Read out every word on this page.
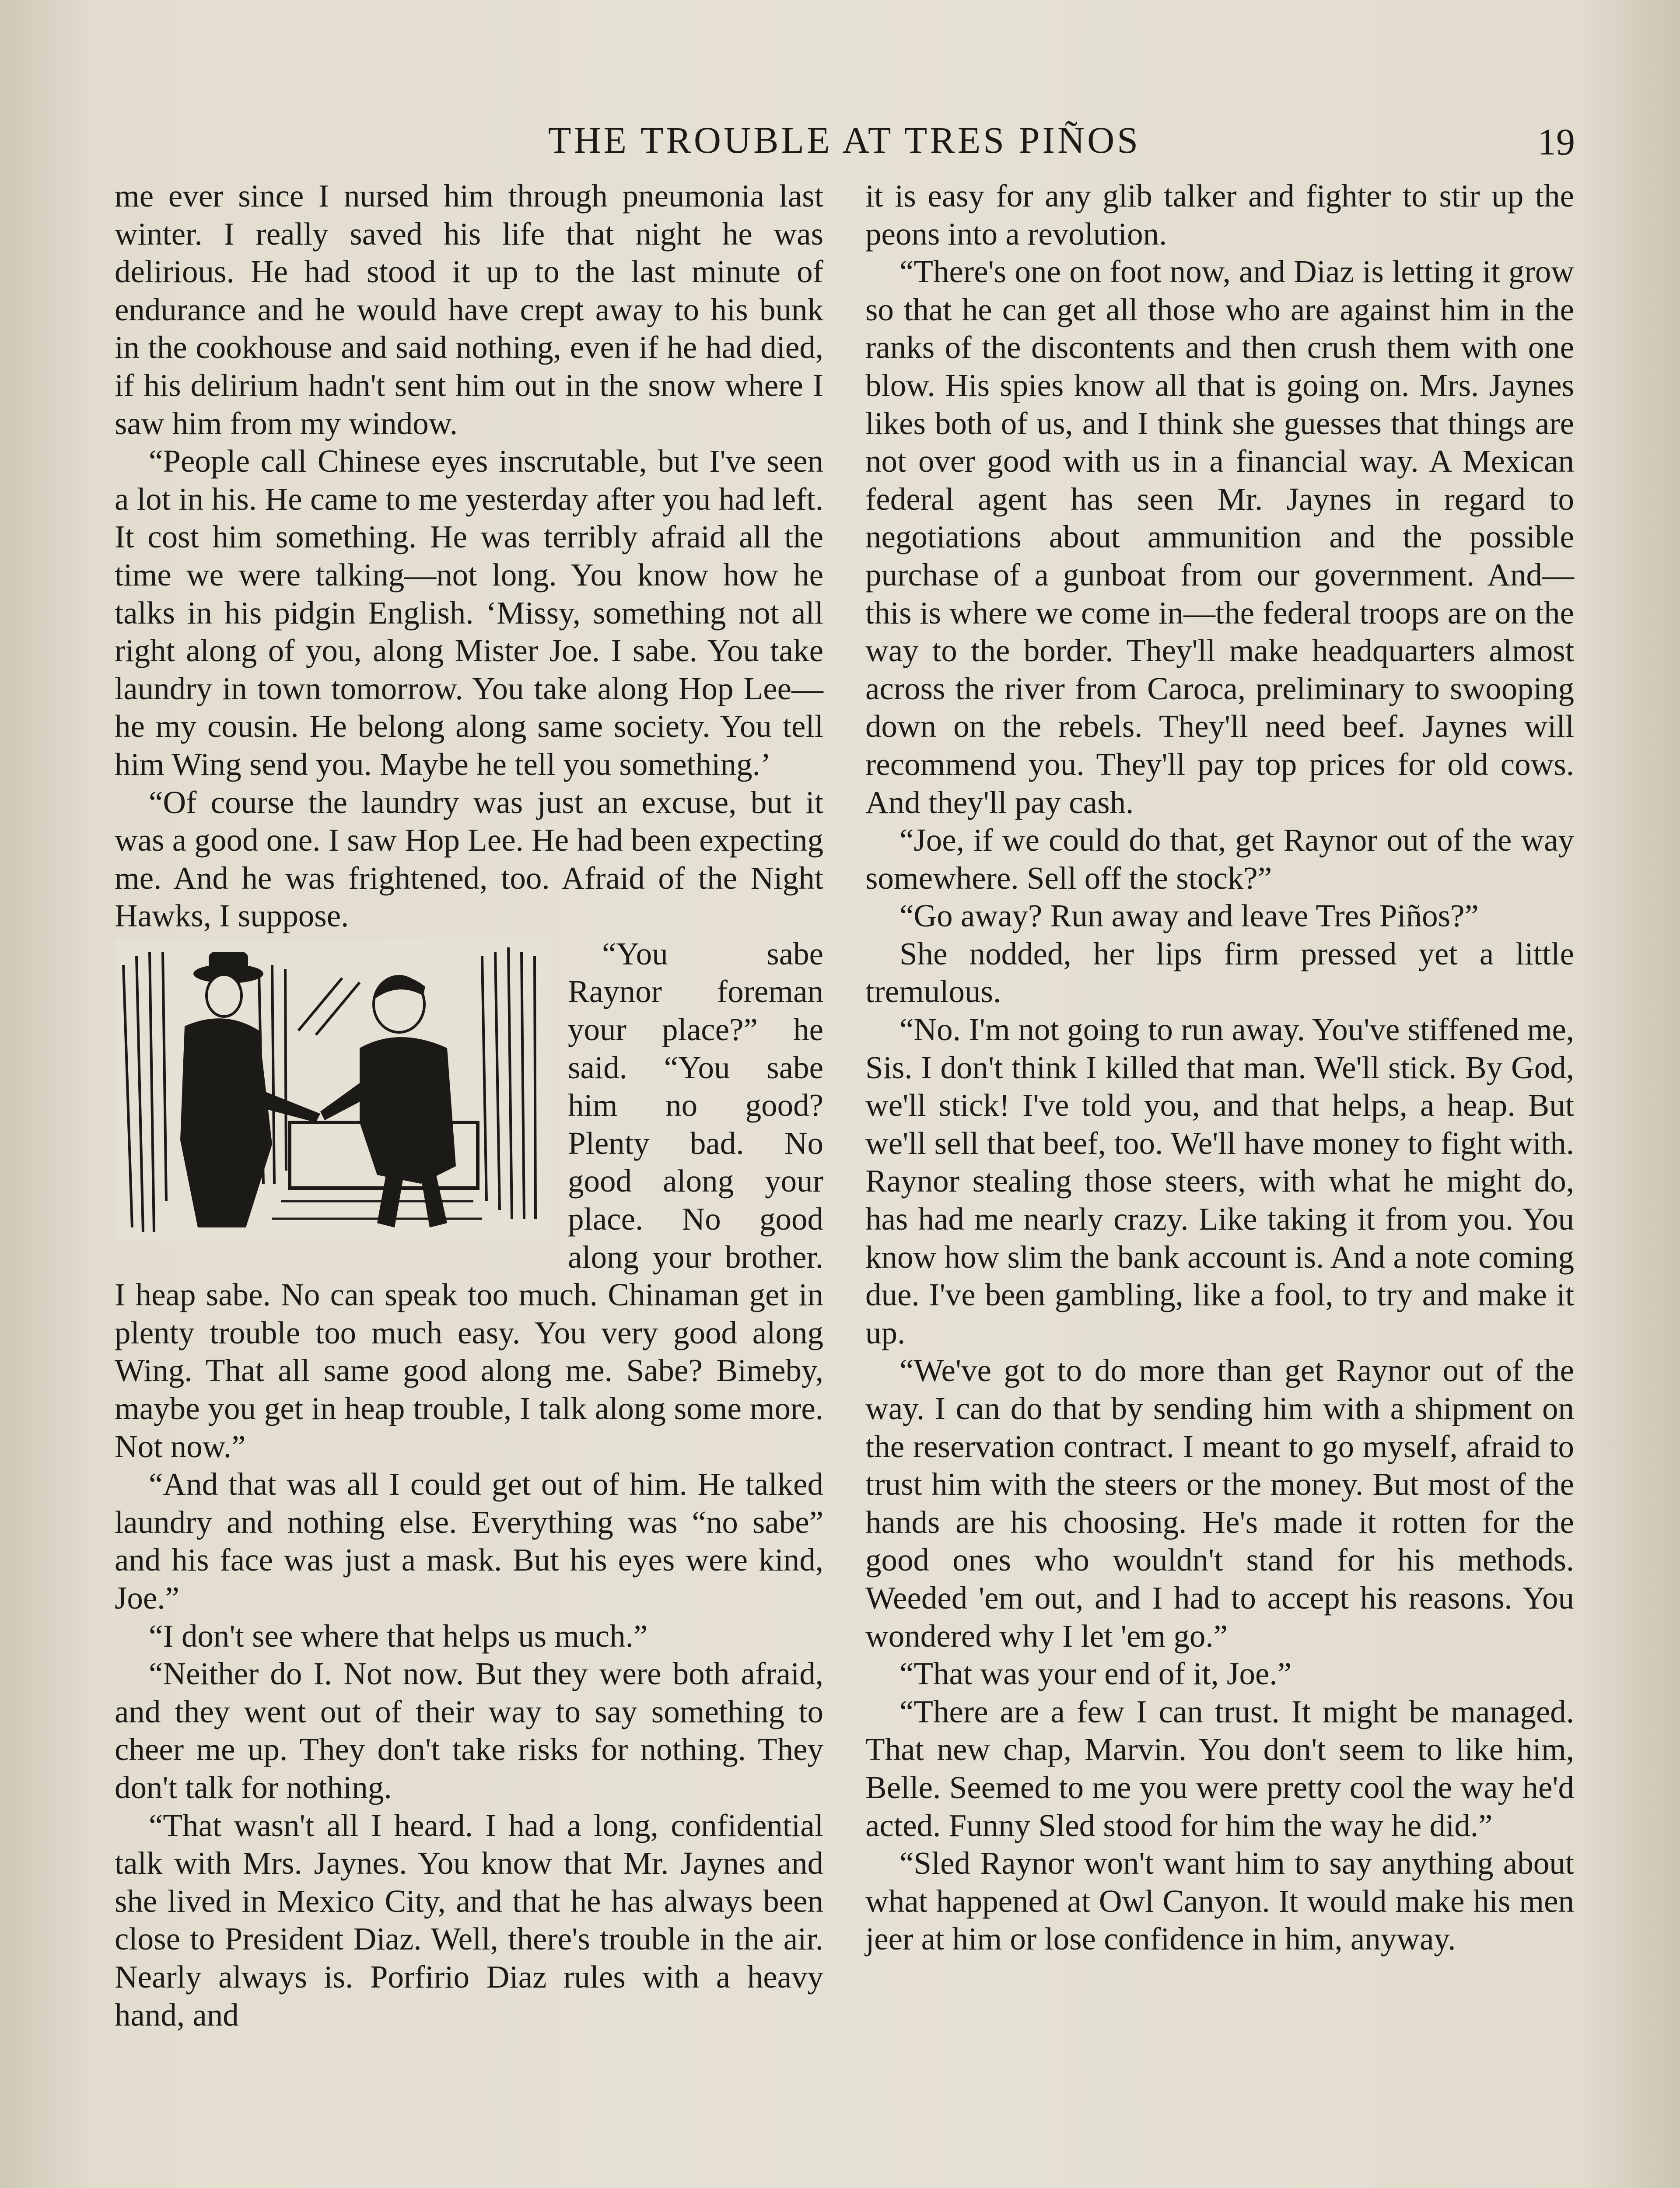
THE TROUBLE AT TRES PIÑOS	19

me ever since I nursed him through pneumonia last winter. I really saved his life that night he was delirious. He had stood it up to the last minute of endurance and he would have crept away to his bunk in the cookhouse and said nothing, even if he had died, if his delirium hadn't sent him out in the snow where I saw him from my window.

“People call Chinese eyes inscrutable, but I've seen a lot in his. He came to me yesterday after you had left. It cost him something. He was terribly afraid all the time we were talking—not long. You know how he talks in his pidgin English. ‘Missy, something not all right along of you, along Mister Joe. I sabe. You take laundry in town tomorrow. You take along Hop Lee—he my cousin. He belong along same society. You tell him Wing send you. Maybe he tell you something.’

“Of course the laundry was just an excuse, but it was a good one. I saw Hop Lee. He had been expecting me. And he was frightened, too. Afraid of the Night Hawks, I suppose.

“You sabe Raynor foreman your place?” he said. “You sabe him no good? Plenty bad. No good along your place. No good along your brother. I heap sabe. No can speak too much. Chinaman get in plenty trouble too much easy. You very good along Wing. That all same good along me. Sabe? Bimeby, maybe you get in heap trouble, I talk along some more. Not now.”

“And that was all I could get out of him. He talked laundry and nothing else. Everything was “no sabe” and his face was just a mask. But his eyes were kind, Joe.”

“I don't see where that helps us much.”

“Neither do I. Not now. But they were both afraid, and they went out of their way to say something to cheer me up. They don't take risks for nothing. They don't talk for nothing.

“That wasn't all I heard. I had a long, confidential talk with Mrs. Jaynes. You know that Mr. Jaynes and she lived in Mexico City, and that he has always been close to President Diaz. Well, there's trouble in the air. Nearly always is. Porfirio Diaz rules with a heavy hand, and

it is easy for any glib talker and fighter to stir up the peons into a revolution.

“There's one on foot now, and Diaz is letting it grow so that he can get all those who are against him in the ranks of the discontents and then crush them with one blow. His spies know all that is going on. Mrs. Jaynes likes both of us, and I think she guesses that things are not over good with us in a financial way. A Mexican federal agent has seen Mr. Jaynes in regard to negotiations about ammunition and the possible purchase of a gunboat from our government. And—this is where we come in—the federal troops are on the way to the border. They'll make headquarters almost across the river from Caroca, preliminary to swooping down on the rebels. They'll need beef. Jaynes will recommend you. They'll pay top prices for old cows. And they'll pay cash.

“Joe, if we could do that, get Raynor out of the way somewhere. Sell off the stock?”

“Go away? Run away and leave Tres Piños?”

She nodded, her lips firm pressed yet a little tremulous.

“No. I'm not going to run away. You've stiffened me, Sis. I don't think I killed that man. We'll stick. By God, we'll stick! I've told you, and that helps, a heap. But we'll sell that beef, too. We'll have money to fight with. Raynor stealing those steers, with what he might do, has had me nearly crazy. Like taking it from you. You know how slim the bank account is. And a note coming due. I've been gambling, like a fool, to try and make it up.

“We've got to do more than get Raynor out of the way. I can do that by sending him with a shipment on the reservation contract. I meant to go myself, afraid to trust him with the steers or the money. But most of the hands are his choosing. He's made it rotten for the good ones who wouldn't stand for his methods. Weeded 'em out, and I had to accept his reasons. You wondered why I let 'em go.”

“That was your end of it, Joe.”

“There are a few I can trust. It might be managed. That new chap, Marvin. You don't seem to like him, Belle. Seemed to me you were pretty cool the way he'd acted. Funny Sled stood for him the way he did.”

“Sled Raynor won't want him to say anything about what happened at Owl Canyon. It would make his men jeer at him or lose confidence in him, anyway.
